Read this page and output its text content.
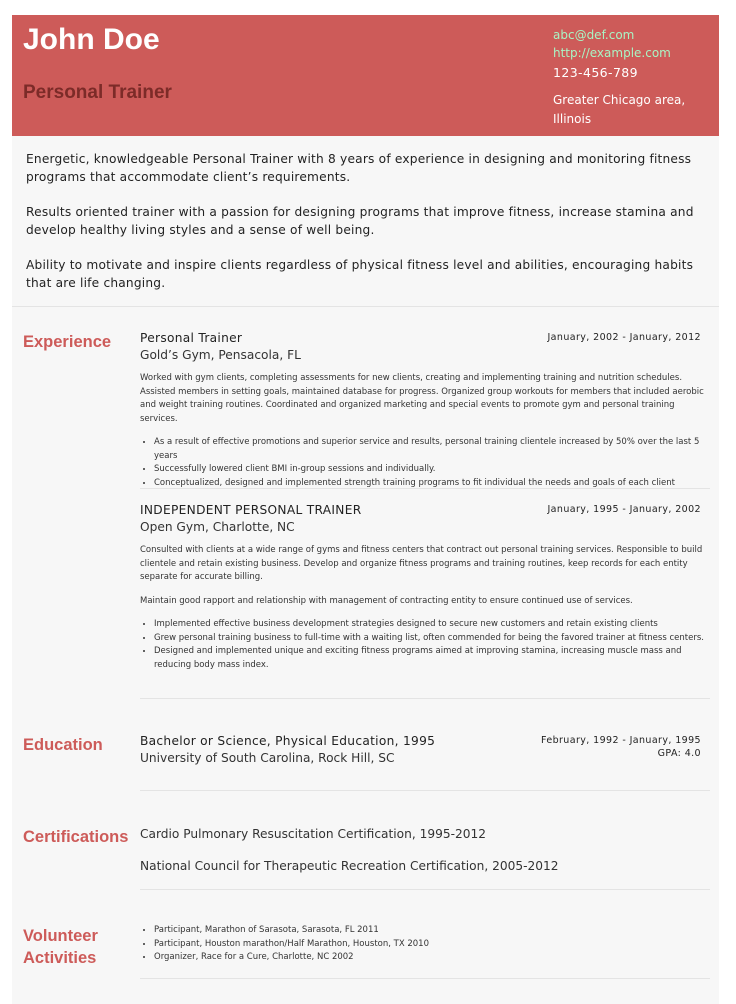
John Doe
Personal Trainer
abc@def.com
http://example.com
123-456-789
Greater Chicago area, Illinois

Energetic, knowledgeable Personal Trainer with 8 years of experience in designing and monitoring fitness programs that accommodate client’s requirements.

Results oriented trainer with a passion for designing programs that improve fitness, increase stamina and develop healthy living styles and a sense of well being.

Ability to motivate and inspire clients regardless of physical fitness level and abilities, encouraging habits that are life changing.

Experience	January, 2002 - January, 2012
Personal Trainer
Gold’s Gym, Pensacola, FL

Worked with gym clients, completing assessments for new clients, creating and implementing training and nutrition schedules. Assisted members in setting goals, maintained database for progress. Organized group workouts for members that included aerobic and weight training routines. Coordinated and organized marketing and special events to promote gym and personal training services.

• As a result of effective promotions and superior service and results, personal training clientele increased by 50% over the last 5 years
• Successfully lowered client BMI in-group sessions and individually.
• Conceptualized, designed and implemented strength training programs to fit individual the needs and goals of each client
January, 1995 - January, 2002
INDEPENDENT PERSONAL TRAINER
Open Gym, Charlotte, NC

Consulted with clients at a wide range of gyms and fitness centers that contract out personal training services. Responsible to build clientele and retain existing business. Develop and organize fitness programs and training routines, keep records for each entity separate for accurate billing.

Maintain good rapport and relationship with management of contracting entity to ensure continued use of services.

• Implemented effective business development strategies designed to secure new customers and retain existing clients
• Grew personal training business to full-time with a waiting list, often commended for being the favored trainer at fitness centers.
• Designed and implemented unique and exciting fitness programs aimed at improving stamina, increasing muscle mass and reducing body mass index.
Education	February, 1992 - January, 1995
GPA: 4.0
Bachelor or Science, Physical Education, 1995
University of South Carolina, Rock Hill, SC
Certifications Cardio Pulmonary Resuscitation Certification, 1995-2012
National Council for Therapeutic Recreation Certification, 2005-2012
Volunteer
Activities
• Participant, Marathon of Sarasota, Sarasota, FL 2011
• Participant, Houston marathon/Half Marathon, Houston, TX 2010
• Organizer, Race for a Cure, Charlotte, NC 2002
